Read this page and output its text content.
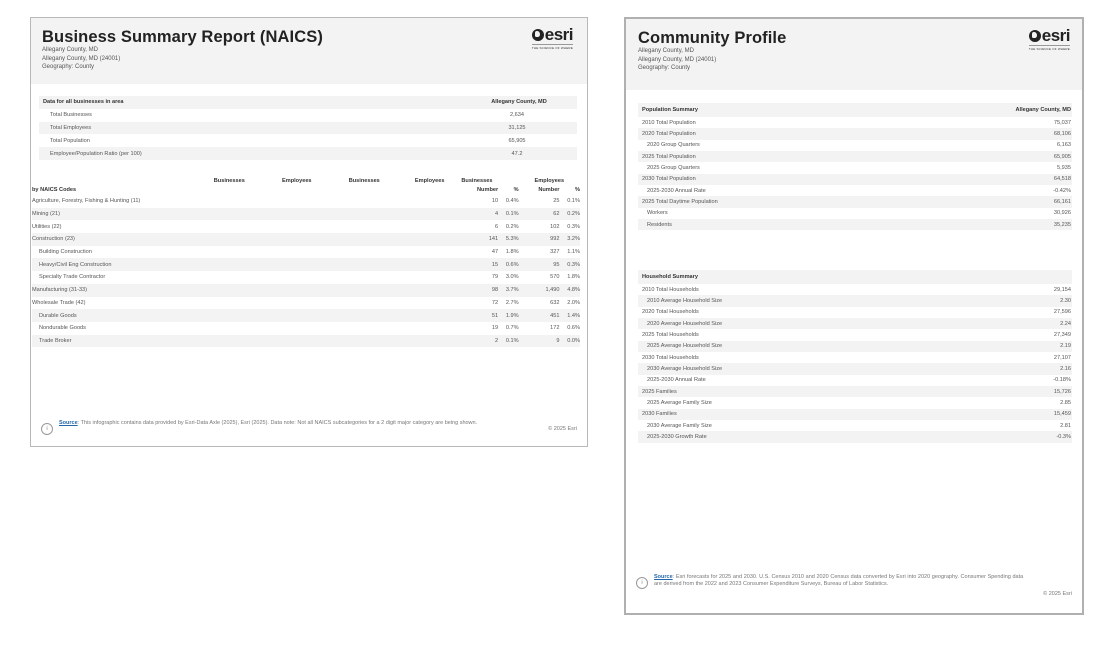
Business Summary Report (NAICS)
Allegany County, MD
Allegany County, MD (24001)
Geography: County
esri
THE SCIENCE OF WHERE
Data for all businesses in area	Allegany County, MD
Total Businesses	2,634
Total Employees	31,125
Total Population	65,905
Employee/Population Ratio (per 100)	47.2
	Businesses	Employees	Businesses	Employees	Businesses		Employees	
by NAICS Codes					Number	%	Number	%
Agriculture, Forestry, Fishing & Hunting (11)					10	0.4%	25	0.1%
Mining (21)					4	0.1%	62	0.2%
Utilities (22)					6	0.2%	102	0.3%
Construction (23)					141	5.3%	992	3.2%
Building Construction					47	1.8%	327	1.1%
Heavy/Civil Eng Construction					15	0.6%	95	0.3%
Specialty Trade Contractor					79	3.0%	570	1.8%
Manufacturing (31-33)					98	3.7%	1,490	4.8%
Wholesale Trade (42)					72	2.7%	632	2.0%
Durable Goods					51	1.9%	451	1.4%
Nondurable Goods					19	0.7%	172	0.6%
Trade Broker					2	0.1%	9	0.0%
i
Source: This infographic contains data provided by Esri-Data Axle (2025), Esri (2025). Data note: Not all NAICS subcategories for a 2 digit major category are being shown.
© 2025 Esri
Community Profile
Allegany County, MD
Allegany County, MD (24001)
Geography: County
esri
THE SCIENCE OF WHERE
Population Summary	Allegany County, MD
2010 Total Population	75,037
2020 Total Population	68,106
2020 Group Quarters	6,163
2025 Total Population	65,905
2025 Group Quarters	5,935
2030 Total Population	64,518
2025-2030 Annual Rate	-0.42%
2025 Total Daytime Population	66,161
Workers	30,926
Residents	35,235
Household Summary	
2010 Total Households	29,154
2010 Average Household Size	2.30
2020 Total Households	27,596
2020 Average Household Size	2.24
2025 Total Households	27,349
2025 Average Household Size	2.19
2030 Total Households	27,107
2030 Average Household Size	2.16
2025-2030 Annual Rate	-0.18%
2025 Families	15,726
2025 Average Family Size	2.85
2030 Families	15,459
2030 Average Family Size	2.81
2025-2030 Growth Rate	-0.3%
i
Source: Esri forecasts for 2025 and 2030. U.S. Census 2010 and 2020 Census data converted by Esri into 2020 geography. Consumer Spending data are derived from the 2022 and 2023 Consumer Expenditure Surveys, Bureau of Labor Statistics.
© 2025 Esri
